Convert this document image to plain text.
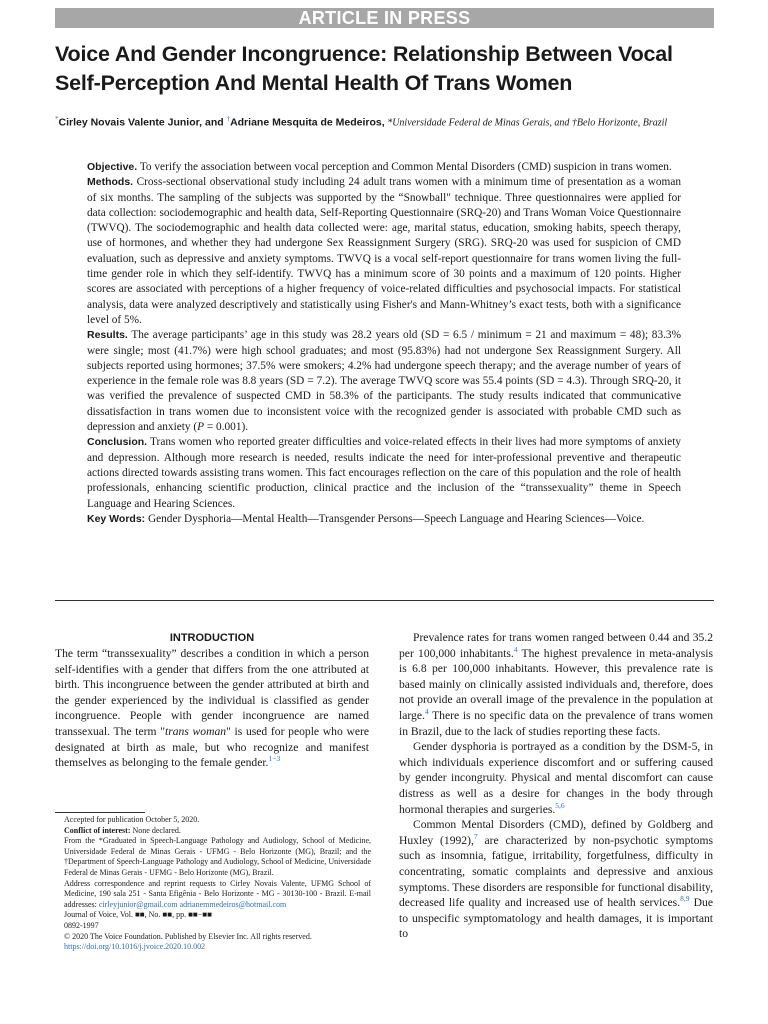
ARTICLE IN PRESS
Voice And Gender Incongruence: Relationship Between Vocal Self-Perception And Mental Health Of Trans Women
*Cirley Novais Valente Junior, and †Adriane Mesquita de Medeiros, *Universidade Federal de Minas Gerais, and †Belo Horizonte, Brazil

Objective. To verify the association between vocal perception and Common Mental Disorders (CMD) suspicion in trans women.

Methods. Cross-sectional observational study including 24 adult trans women with a minimum time of presentation as a woman of six months. The sampling of the subjects was supported by the “Snowball" technique. Three questionnaires were applied for data collection: sociodemographic and health data, Self-Reporting Questionnaire (SRQ-20) and Trans Woman Voice Questionnaire (TWVQ). The sociodemographic and health data collected were: age, marital status, education, smoking habits, speech therapy, use of hormones, and whether they had undergone Sex Reassignment Surgery (SRG). SRQ-20 was used for suspicion of CMD evaluation, such as depressive and anxiety symptoms. TWVQ is a vocal self-report questionnaire for trans women living the full-time gender role in which they self-identify. TWVQ has a minimum score of 30 points and a maximum of 120 points. Higher scores are associated with perceptions of a higher frequency of voice-related difficulties and psychosocial impacts. For statistical analysis, data were analyzed descriptively and statistically using Fisher's and Mann-Whitney’s exact tests, both with a significance level of 5%.

Results. The average participants’ age in this study was 28.2 years old (SD = 6.5 / minimum = 21 and maximum = 48); 83.3% were single; most (41.7%) were high school graduates; and most (95.83%) had not undergone Sex Reassignment Surgery. All subjects reported using hormones; 37.5% were smokers; 4.2% had undergone speech therapy; and the average number of years of experience in the female role was 8.8 years (SD = 7.2). The average TWVQ score was 55.4 points (SD = 4.3). Through SRQ-20, it was verified the prevalence of suspected CMD in 58.3% of the participants. The study results indicated that communicative dissatisfaction in trans women due to inconsistent voice with the recognized gender is associated with probable CMD such as depression and anxiety (P = 0.001).

Conclusion. Trans women who reported greater difficulties and voice-related effects in their lives had more symptoms of anxiety and depression. Although more research is needed, results indicate the need for inter-professional preventive and therapeutic actions directed towards assisting trans women. This fact encourages reflection on the care of this population and the role of health professionals, enhancing scientific production, clinical practice and the inclusion of the “transsexuality” theme in Speech Language and Hearing Sciences.

Key Words: Gender Dysphoria—Mental Health—Transgender Persons—Speech Language and Hearing Sciences—Voice.

INTRODUCTION

The term “transsexuality” describes a condition in which a person self-identifies with a gender that differs from the one attributed at birth. This incongruence between the gender attributed at birth and the gender experienced by the individual is classified as gender incongruence. People with gender incongruence are named transsexual. The term "trans woman" is used for people who were designated at birth as male, but who recognize and manifest themselves as belonging to the female gender.$^{1-3}$

Prevalence rates for trans women ranged between 0.44 and 35.2 per 100,000 inhabitants.$^4$ The highest prevalence in meta-analysis is 6.8 per 100,000 inhabitants. However, this prevalence rate is based mainly on clinically assisted individuals and, therefore, does not provide an overall image of the prevalence in the population at large.$^4$ There is no specific data on the prevalence of trans women in Brazil, due to the lack of studies reporting these facts.

Gender dysphoria is portrayed as a condition by the DSM-5, in which individuals experience discomfort and or suffering caused by gender incongruity. Physical and mental discomfort can cause distress as well as a desire for changes in the body through hormonal therapies and surgeries.$^{5,6}$

Common Mental Disorders (CMD), defined by Goldberg and Huxley (1992),$^7$ are characterized by non-psychotic symptoms such as insomnia, fatigue, irritability, forgetfulness, difficulty in concentrating, somatic complaints and depressive and anxious symptoms. These disorders are responsible for functional disability, decreased life quality and increased use of health services.$^{8,9}$ Due to unspecific symptomatology and health damages, it is important to

Accepted for publication October 5, 2020.

Conflict of interest: None declared.

From the *Graduated in Speech-Language Pathology and Audiology, School of Medicine, Universidade Federal de Minas Gerais - UFMG - Belo Horizonte (MG), Brazil; and the †Department of Speech-Language Pathology and Audiology, School of Medicine, Universidade Federal de Minas Gerais - UFMG - Belo Horizonte (MG), Brazil.

Address correspondence and reprint requests to Cirley Novais Valente, UFMG School of Medicine, 190 sala 251 - Santa Efigênia - Belo Horizonte - MG - 30130-100 - Brazil. E-mail addresses: cirleyjunior@gmail.com adrianemmedeiros@hotmail.com

Journal of Voice, Vol. ■■, No. ■■, pp. ■■−■■

0892-1997

© 2020 The Voice Foundation. Published by Elsevier Inc. All rights reserved.

https://doi.org/10.1016/j.jvoice.2020.10.002
